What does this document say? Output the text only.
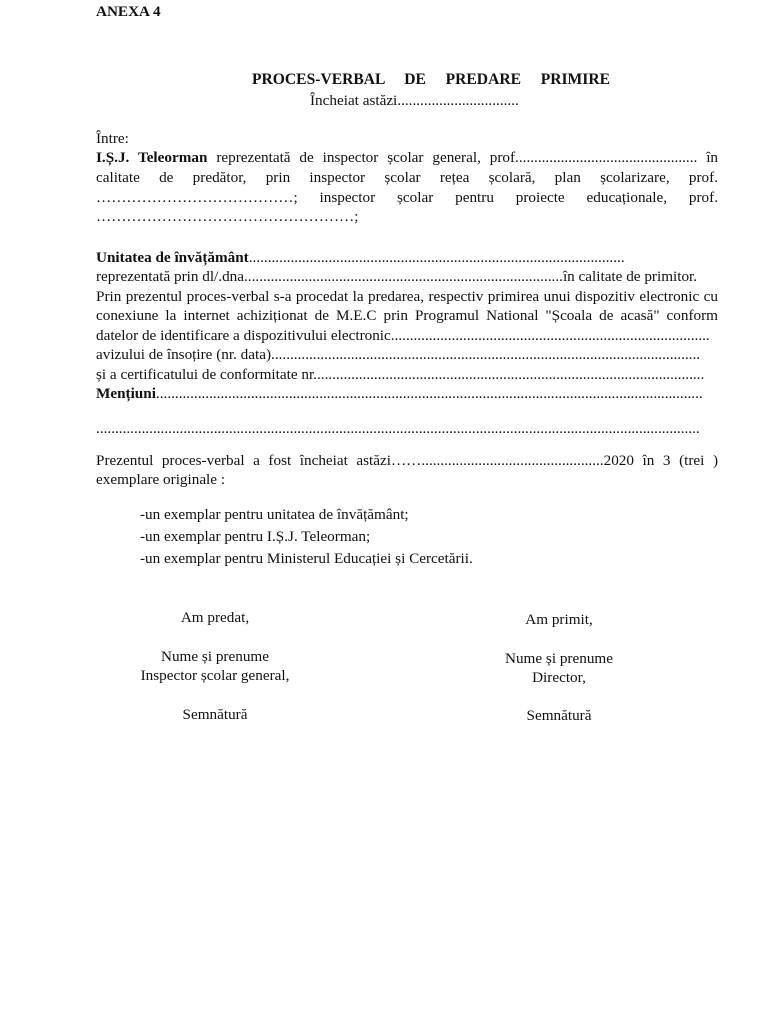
ANEXA 4
PROCES-VERBAL DE PREDARE PRIMIRE
Încheiat astăzi................................
Între:
I.Ș.J. Teleorman reprezentată de inspector școlar general, prof................................................ în
calitate de predător, prin inspector școlar rețea școlară, plan școlarizare, prof.
…………………………………; inspector școlar pentru proiecte educaționale, prof.
……………………………………………;
Unitatea de învățământ...................................................................................................
reprezentată prin dl/.dna....................................................................................în calitate de primitor.
Prin prezentul proces-verbal s-a procedat la predarea, respectiv primirea unui dispozitiv electronic cu
conexiune la internet achiziționat de M.E.C prin Programul National "Școala de acasă" conform
datelor de identificare a dispozitivului electronic....................................................................................
avizului de însoțire (nr. data).................................................................................................................
și a certificatului de conformitate nr.......................................................................................................
Mențiuni................................................................................................................................................
...............................................................................................................................................................
Prezentul proces-verbal a fost încheiat astăzi……................................................2020 în 3 (trei )
exemplare originale :
-un exemplar pentru unitatea de învățământ;
-un exemplar pentru I.Ș.J. Teleorman;
-un exemplar pentru Ministerul Educației și Cercetării.
Am predat,
Nume și prenume
Inspector școlar general,
Semnătură
Am primit,
Nume și prenume
Director,
Semnătură
